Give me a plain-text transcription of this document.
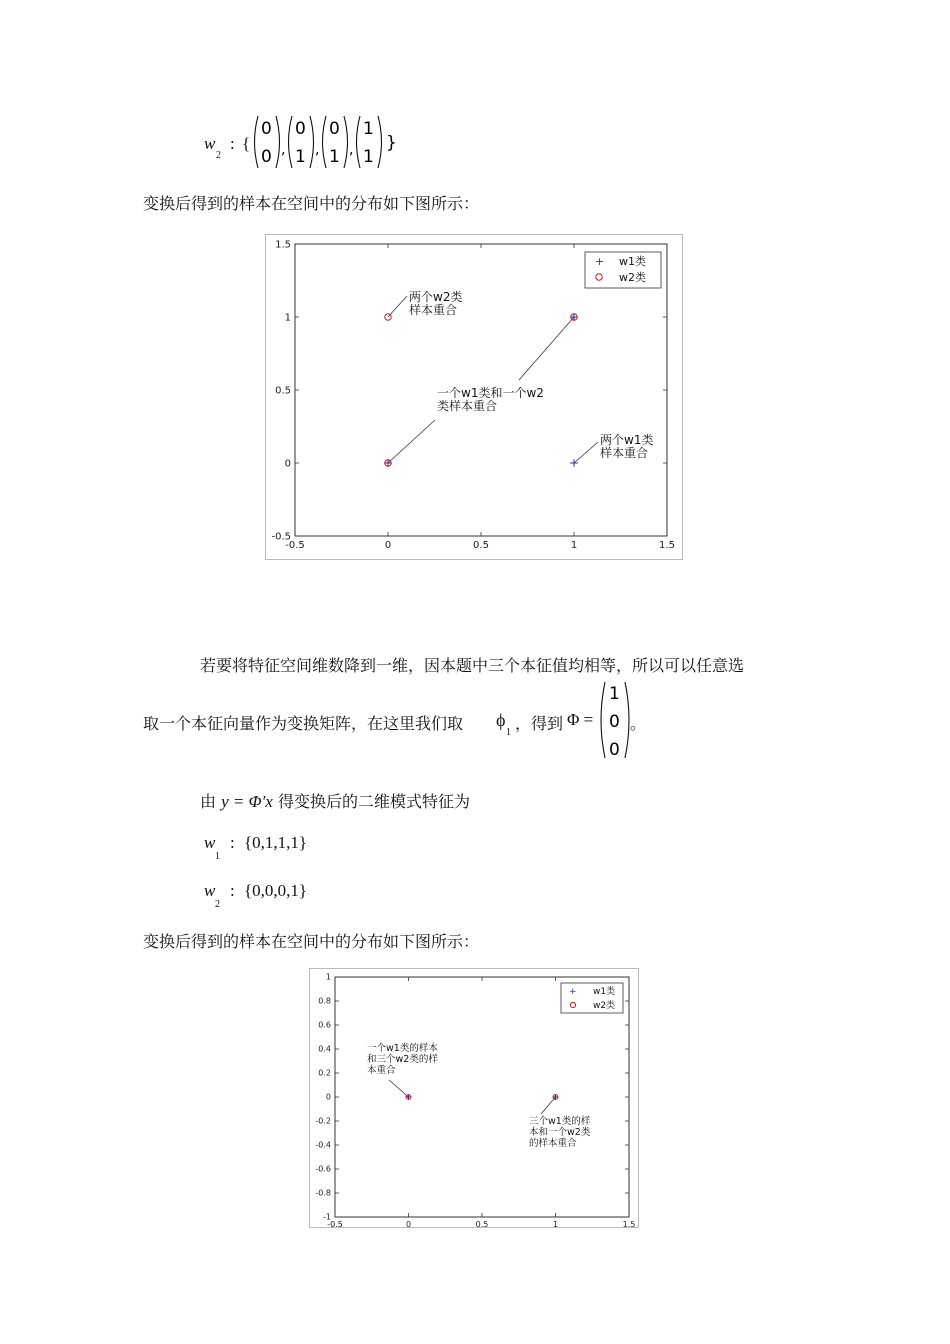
w
2
: {
0
0 ,
0
1 ,
0
1 ,
1
1
}
变换后得到的样本在空间中的分布如下图所示：
-0.5	0	0.5	1	1.5
1.5
1
0.5
0
-0.5
两个w2类
样本重合
一个w1类和一个w2
类样本重合
两个w1类
样本重合
+ w1类
w2类
若要将特征空间维数降到一维，因本题中三个本征值均相等，所以可以任意选
取一个本征向量作为变换矩阵，在这里我们取 ϕ
1 ，得到 Φ = 。
1
0
0
由 y = Φ′x 得变换后的二维模式特征为
w
1
: {0,1,1,1}
w
2
: {0,0,0,1}
变换后得到的样本在空间中的分布如下图所示：
-0.5	0	0.5	1	1.5
1
0.8
0.6
0.4
0.2
0
-0.2
-0.4
-0.6
-0.8
-1
一个w1类的样本
和三个w2类的样
本重合
三个w1类的样
本和一个w2类
的样本重合
+ w1类
w2类
